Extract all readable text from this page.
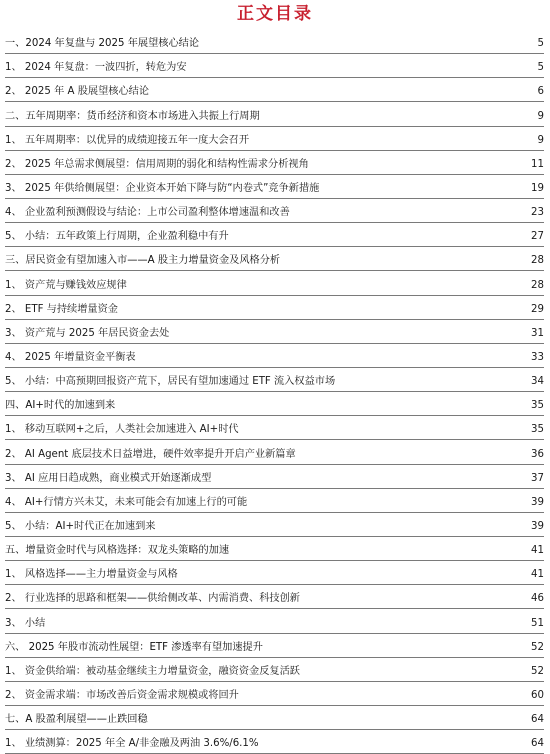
正文目录
一、2024 年复盘与 2025 年展望核心结论	5
1、 2024 年复盘：一波四折，转危为安	5
2、 2025 年 A 股展望核心结论	6
二、五年周期率：货币经济和资本市场进入共振上行周期	9
1、 五年周期率：以优异的成绩迎接五年一度大会召开	9
2、 2025 年总需求侧展望：信用周期的弱化和结构性需求分析视角	11
3、 2025 年供给侧展望：企业资本开始下降与防“内卷式”竞争新措施	19
4、 企业盈利预测假设与结论：上市公司盈利整体增速温和改善	23
5、 小结：五年政策上行周期，企业盈利稳中有升	27
三、居民资金有望加速入市——A 股主力增量资金及风格分析	28
1、 资产荒与赚钱效应规律	28
2、 ETF 与持续增量资金	29
3、 资产荒与 2025 年居民资金去处	31
4、 2025 年增量资金平衡表	33
5、 小结：中高预期回报资产荒下，居民有望加速通过 ETF 流入权益市场	34
四、AI+时代的加速到来	35
1、 移动互联网+之后，人类社会加速进入 AI+时代	35
2、 AI Agent 底层技术日益增进，硬件效率提升开启产业新篇章	36
3、 AI 应用日趋成熟，商业模式开始逐渐成型	37
4、 AI+行情方兴未艾，未来可能会有加速上行的可能	39
5、 小结：AI+时代正在加速到来	39
五、增量资金时代与风格选择：双龙头策略的加速	41
1、 风格选择——主力增量资金与风格	41
2、 行业选择的思路和框架——供给侧改革、内需消费、科技创新	46
3、 小结	51
六、 2025 年股市流动性展望：ETF 渗透率有望加速提升	52
1、 资金供给端：被动基金继续主力增量资金，融资资金反复活跃	52
2、 资金需求端：市场改善后资金需求规模或将回升	60
七、A 股盈利展望——止跌回稳	64
1、 业绩测算：2025 年全 A/非金融及两油 3.6%/6.1%	64
